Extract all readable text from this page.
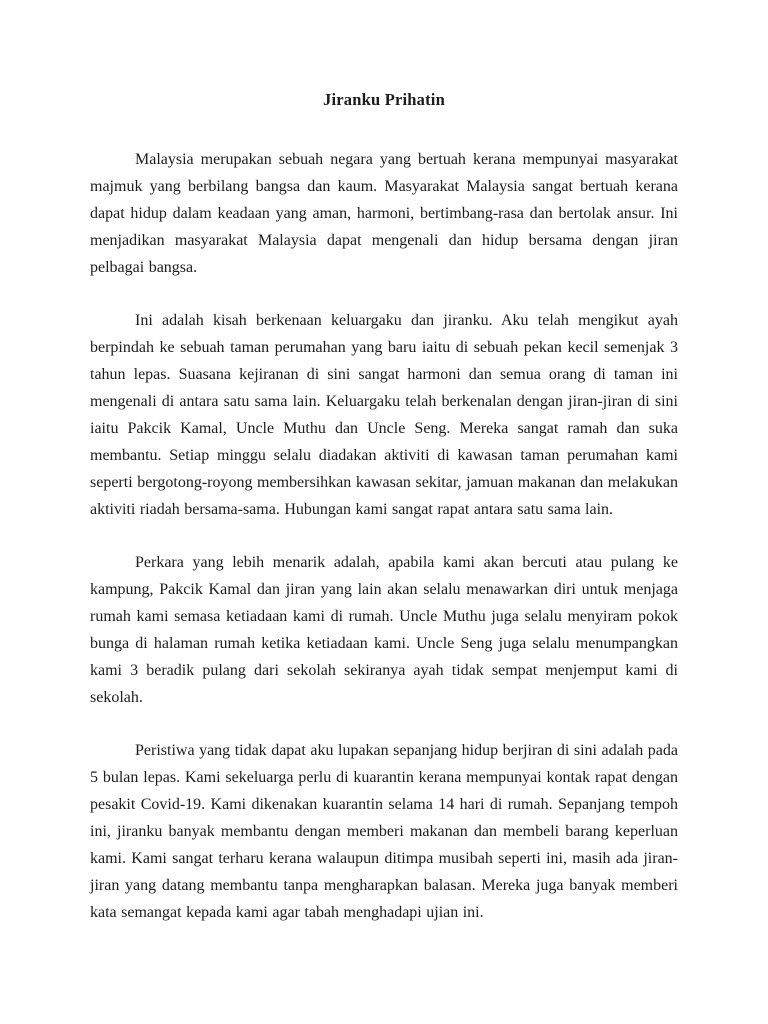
Jiranku Prihatin

Malaysia merupakan sebuah negara yang bertuah kerana mempunyai masyarakat majmuk yang berbilang bangsa dan kaum. Masyarakat Malaysia sangat bertuah kerana dapat hidup dalam keadaan yang aman, harmoni, bertimbang-rasa dan bertolak ansur. Ini menjadikan masyarakat Malaysia dapat mengenali dan hidup bersama dengan jiran pelbagai bangsa.

Ini adalah kisah berkenaan keluargaku dan jiranku. Aku telah mengikut ayah berpindah ke sebuah taman perumahan yang baru iaitu di sebuah pekan kecil semenjak 3 tahun lepas. Suasana kejiranan di sini sangat harmoni dan semua orang di taman ini mengenali di antara satu sama lain. Keluargaku telah berkenalan dengan jiran-jiran di sini iaitu Pakcik Kamal, Uncle Muthu dan Uncle Seng. Mereka sangat ramah dan suka membantu. Setiap minggu selalu diadakan aktiviti di kawasan taman perumahan kami seperti bergotong-royong membersihkan kawasan sekitar, jamuan makanan dan melakukan aktiviti riadah bersama-sama. Hubungan kami sangat rapat antara satu sama lain.

Perkara yang lebih menarik adalah, apabila kami akan bercuti atau pulang ke kampung, Pakcik Kamal dan jiran yang lain akan selalu menawarkan diri untuk menjaga rumah kami semasa ketiadaan kami di rumah. Uncle Muthu juga selalu menyiram pokok bunga di halaman rumah ketika ketiadaan kami. Uncle Seng juga selalu menumpangkan kami 3 beradik pulang dari sekolah sekiranya ayah tidak sempat menjemput kami di sekolah.

Peristiwa yang tidak dapat aku lupakan sepanjang hidup berjiran di sini adalah pada 5 bulan lepas. Kami sekeluarga perlu di kuarantin kerana mempunyai kontak rapat dengan pesakit Covid-19. Kami dikenakan kuarantin selama 14 hari di rumah. Sepanjang tempoh ini, jiranku banyak membantu dengan memberi makanan dan membeli barang keperluan kami. Kami sangat terharu kerana walaupun ditimpa musibah seperti ini, masih ada jiran-jiran yang datang membantu tanpa mengharapkan balasan. Mereka juga banyak memberi kata semangat kepada kami agar tabah menghadapi ujian ini.
